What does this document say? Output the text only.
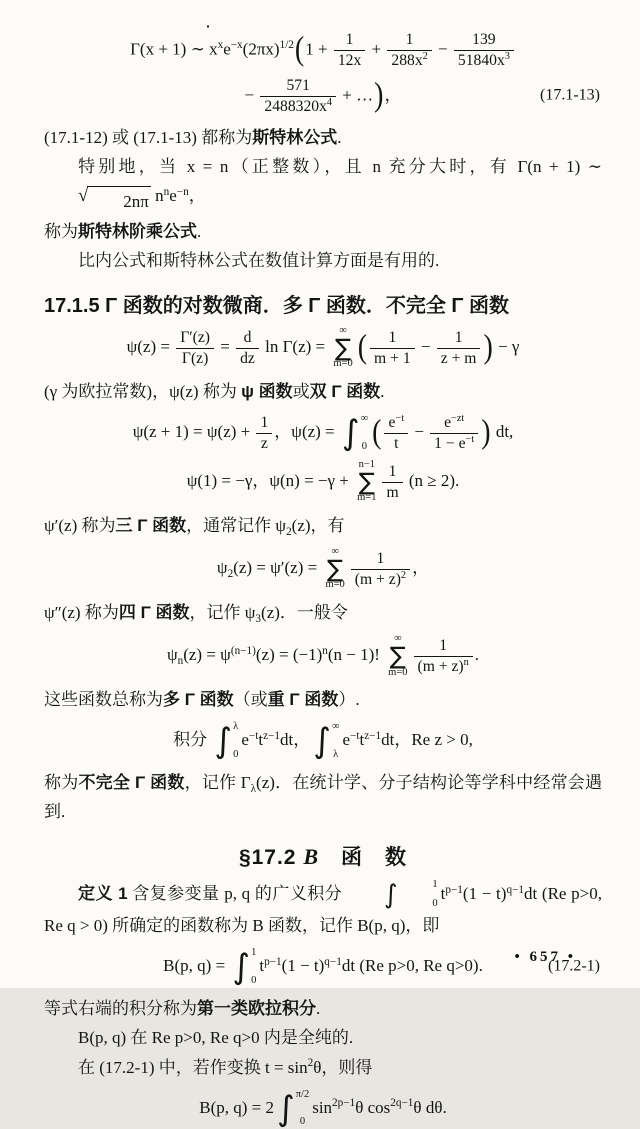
Γ(x + 1) ∼ $x^xe^{-x}(2\pi x)^{1/2}(1 + \frac{1}{12x} + \frac{1}{288x^2} - \frac{139}{51840x^3}$
− $\frac{571}{2488320x^4}$ + …)，	(17.1-13)
(17.1-12) 或 (17.1-13) 都称为斯特林公式.
特别地，当 x = n（正整数），且 n 充分大时，有 Γ(n + 1) ∼
√	2nπ $n^ne^{-n}$，
称为斯特林阶乘公式.
比内公式和斯特林公式在数值计算方面是有用的.
17.1.5 Γ 函数的对数微商．多 Γ 函数．不完全 Γ 函数
$\psi(z) = \frac{\Gamma'(z)}{\Gamma(z)} = \frac{d}{dz}$ ln Γ(z) =
∞
∑
m=0 ( $\frac{1}{m + 1} - \frac{1}{z + m}$ ) − γ
(γ 为欧拉常数)，ψ(z) 称为 ψ 函数或双 Γ 函数.
$\psi(z + 1) = \psi(z) + \frac{1}{z}$ ，ψ(z) = ∫ ∞
0 ( $\frac{e^{-t}}{t} - \frac{e^{-zt}}{1 - e^{-t}}$ ) dt,
ψ(1) = −γ，ψ(n) = −γ +
n−1
∑
$m=1 \frac{1}{m} (n \ge 2)$.
ψ′(z) 称为三 Γ 函数，通常记作 $\psi_2(z)$，有
$\psi_2(z) = \psi'(z)$ =
∞
∑
$m=0 \frac{1}{(m + z)^2}$ ，
ψ″(z) 称为四 Γ 函数，记作 $\psi_3(z)$．一般令
$\psi_n(z) = \psi^{(n-1)}(z) = (-1)^n(n - 1)$!
∞
∑
$m=0 \frac{1}{(m + z)^n}$ .
这些函数总称为多 Γ 函数（或重 Γ 函数）.
积分 ∫ λ
0
$e^{-t}t^{z-1}dt$， ∫ ∞
λ
$e^{-t}t^{z-1}dt$，Re z > 0,
称为不完全 Γ 函数，记作 $\Gamma_\lambda(z)$．在统计学、分子结构论等学科中经常会遇到.
§17.2 B　函　数
定义 1 含复参变量 p, q 的广义积分	∫	1
0
$t^{p-1}(1 - t)^{q-1}dt$ (Re p>0, Re q > 0) 所确定的函数称为 B 函数，记作 B(p, q)，即
B(p, q) = ∫ 1
0
$t^{p-1}(1 - t)^{q-1}dt$ (Re p>0, Re q>0).	(17.2-1)
等式右端的积分称为第一类欧拉积分.
B(p, q) 在 Re p>0, Re q>0 内是全纯的.
在 (17.2-1) 中，若作变换 $t = \sin^2\theta$，则得
B(p, q) = 2 ∫ π/2
0
$\sin^{2p-1}\theta$ $\cos^{2q-1}\theta$ dθ.
• 657 •
